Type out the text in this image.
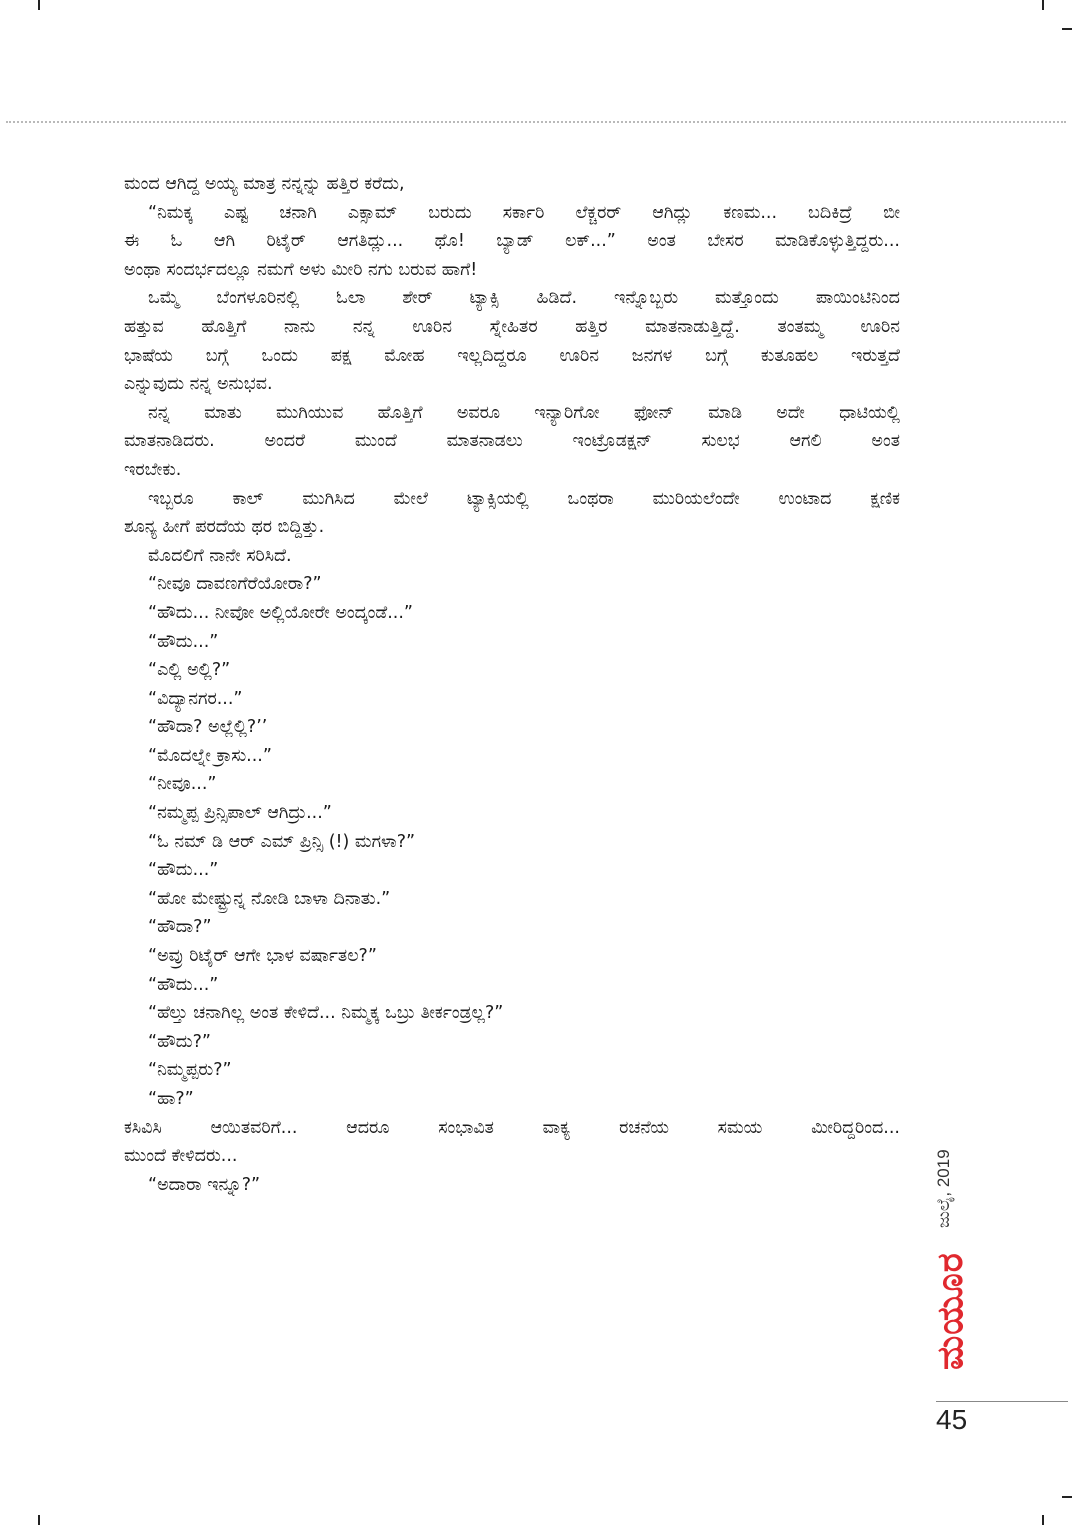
ಮಂದ ಆಗಿದ್ದ ಅಯ್ಯ ಮಾತ್ರ ನನ್ನನ್ನು ಹತ್ತಿರ ಕರೆದು,

“ನಿಮಕ್ಕ ಎಷ್ಟ ಚನಾಗಿ ಎಕ್ಸಾಮ್ ಬರುದು ಸರ್ಕಾರಿ ಲೆಕ್ಚರರ್ ಆಗಿದ್ಲು ಕಣಮ... ಬದಿಕಿದ್ರೆ ಬೀ

ಈ ಓ ಆಗಿ ರಿಟೈರ್ ಆಗತಿದ್ಲು... ಥೊ! ಬ್ಯಾಡ್ ಲಕ್...” ಅಂತ ಬೇಸರ ಮಾಡಿಕೊಳ್ಳುತ್ತಿದ್ದರು...

ಅಂಥಾ ಸಂದರ್ಭದಲ್ಲೂ ನಮಗೆ ಅಳು ಮೀರಿ ನಗು ಬರುವ ಹಾಗೆ!

ಒಮ್ಮೆ ಬೆಂಗಳೂರಿನಲ್ಲಿ ಓಲಾ ಶೇರ್ ಟ್ಯಾಕ್ಸಿ ಹಿಡಿದೆ. ಇನ್ನೊಬ್ಬರು ಮತ್ತೊಂದು ಪಾಯಿಂಟಿನಿಂದ

ಹತ್ತುವ ಹೊತ್ತಿಗೆ ನಾನು ನನ್ನ ಊರಿನ ಸ್ನೇಹಿತರ ಹತ್ತಿರ ಮಾತನಾಡುತ್ತಿದ್ದೆ. ತಂತಮ್ಮ ಊರಿನ

ಭಾಷೆಯ ಬಗ್ಗೆ ಒಂದು ಪಕ್ಷ ಮೋಹ ಇಲ್ಲದಿದ್ದರೂ ಊರಿನ ಜನಗಳ ಬಗ್ಗೆ ಕುತೂಹಲ ಇರುತ್ತದೆ

ಎನ್ನುವುದು ನನ್ನ ಅನುಭವ.

ನನ್ನ ಮಾತು ಮುಗಿಯುವ ಹೊತ್ತಿಗೆ ಅವರೂ ಇನ್ಯಾರಿಗೋ ಫೋನ್ ಮಾಡಿ ಅದೇ ಧಾಟಿಯಲ್ಲಿ

ಮಾತನಾಡಿದರು. ಅಂದರೆ ಮುಂದೆ ಮಾತನಾಡಲು ಇಂಟ್ರೊಡಕ್ಷನ್ ಸುಲಭ ಆಗಲಿ ಅಂತ

ಇರಬೇಕು.

ಇಬ್ಬರೂ ಕಾಲ್ ಮುಗಿಸಿದ ಮೇಲೆ ಟ್ಯಾಕ್ಸಿಯಲ್ಲಿ ಒಂಥರಾ ಮುರಿಯಲೆಂದೇ ಉಂಟಾದ ಕ್ಷಣಿಕ

ಶೂನ್ಯ ಹೀಗೆ ಪರದೆಯ ಥರ ಬಿದ್ದಿತ್ತು.

ಮೊದಲಿಗೆ ನಾನೇ ಸರಿಸಿದೆ.

“ನೀವೂ ದಾವಣಗೆರೆಯೋರಾ?”

“ಹೌದು... ನೀವೋ ಅಲ್ಲಿಯೋರೇ ಅಂದ್ಕಂಡೆ...”

“ಹೌದು...”

“ಎಲ್ಲಿ ಅಲ್ಲಿ?”

“ವಿದ್ಯಾನಗರ...”

“ಹೌದಾ? ಅಲ್ಲೆಲ್ಲಿ?’’

“ಮೊದಲ್ನೇ ಕ್ರಾಸು...”

“ನೀವೂ...”

“ನಮ್ಮಪ್ಪ ಪ್ರಿನ್ಸಿಪಾಲ್ ಆಗಿದ್ರು...”

“ಓ ನಮ್ ಡಿ ಆರ್ ಎಮ್ ಪ್ರಿನ್ಸಿ (!) ಮಗಳಾ?”

“ಹೌದು...”

“ಹೋ ಮೇಷ್ಟ್ರುನ್ನ ನೋಡಿ ಬಾಳಾ ದಿನಾತು.”

“ಹೌದಾ?”

“ಅವ್ರು ರಿಟೈರ್ ಆಗೇ ಭಾಳ ವರ್ಷಾತಲ?”

“ಹೌದು...”

“ಹೆಲ್ತು ಚನಾಗಿಲ್ಲ ಅಂತ ಕೇಳಿದೆ... ನಿಮ್ಮಕ್ಕ ಒಬ್ರು ತೀರ್ಕಂಡ್ರಲ್ಲ?”

“ಹೌದು?”

“ನಿಮ್ಮಪ್ಪರು?”

“ಹಾ?”

ಕಸಿವಿಸಿ ಆಯಿತವರಿಗೆ... ಆದರೂ ಸಂಭಾವಿತ ವಾಕ್ಯ ರಚನೆಯ ಸಮಯ ಮೀರಿದ್ದರಿಂದ...

ಮುಂದೆ ಕೇಳಿದರು...

“ಅದಾರಾ ಇನ್ನೂ?”	ಜುಲೈ, 2019
ಮಯೂರ
45
